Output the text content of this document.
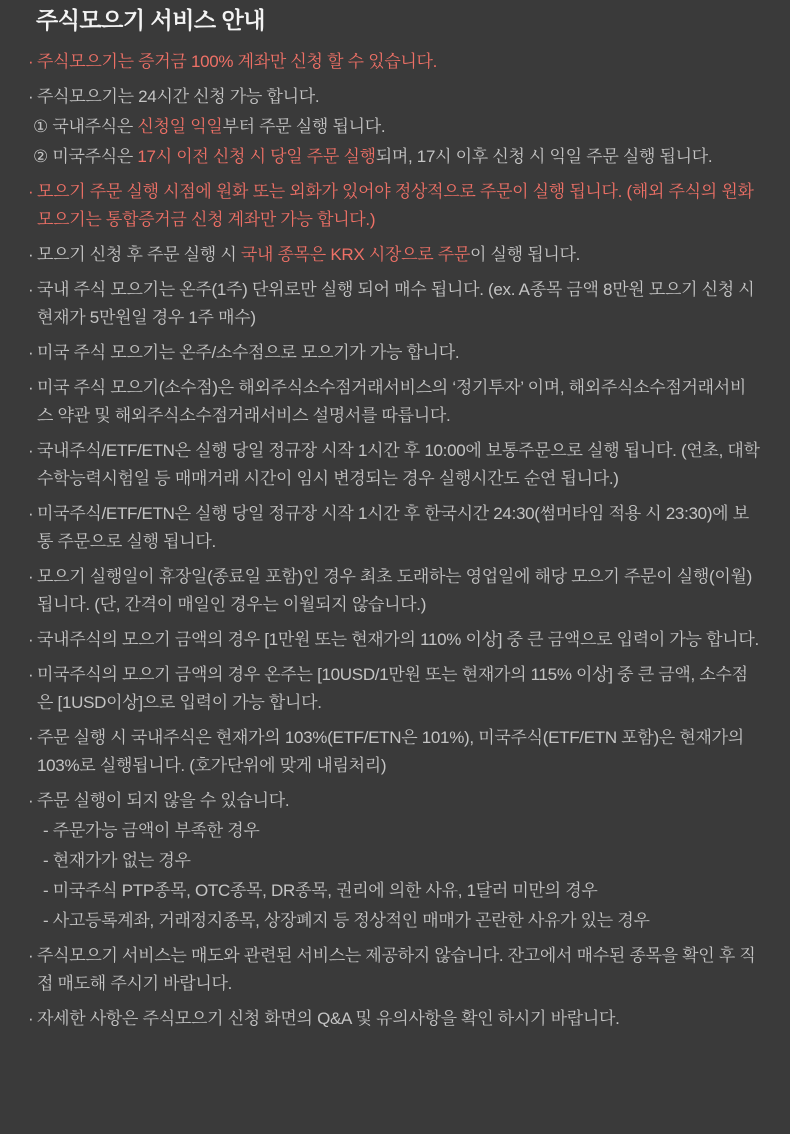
주식모으기 서비스 안내
· 주식모으기는 증거금 100% 계좌만 신청 할 수 있습니다.
· 주식모으기는 24시간 신청 가능 합니다.
① 국내주식은 신청일 익일부터 주문 실행 됩니다.
② 미국주식은 17시 이전 신청 시 당일 주문 실행되며, 17시 이후 신청 시 익일 주문 실행 됩니다.
· 모으기 주문 실행 시점에 원화 또는 외화가 있어야 정상적으로 주문이 실행 됩니다. (해외 주식의 원화 모으기는 통합증거금 신청 계좌만 가능 합니다.)
· 모으기 신청 후 주문 실행 시 국내 종목은 KRX 시장으로 주문이 실행 됩니다.
· 국내 주식 모으기는 온주(1주) 단위로만 실행 되어 매수 됩니다. (ex. A종목 금액 8만원 모으기 신청 시 현재가 5만원일 경우 1주 매수)
· 미국 주식 모으기는 온주/소수점으로 모으기가 가능 합니다.
· 미국 주식 모으기(소수점)은 해외주식소수점거래서비스의 ‘정기투자’ 이며, 해외주식소수점거래서비스 약관 및 해외주식소수점거래서비스 설명서를 따릅니다.
· 국내주식/ETF/ETN은 실행 당일 정규장 시작 1시간 후 10:00에 보통주문으로 실행 됩니다. (연초, 대학수학능력시험일 등 매매거래 시간이 임시 변경되는 경우 실행시간도 순연 됩니다.)
· 미국주식/ETF/ETN은 실행 당일 정규장 시작 1시간 후 한국시간 24:30(썸머타임 적용 시 23:30)에 보통 주문으로 실행 됩니다.
· 모으기 실행일이 휴장일(종료일 포함)인 경우 최초 도래하는 영업일에 해당 모으기 주문이 실행(이월) 됩니다. (단, 간격이 매일인 경우는 이월되지 않습니다.)
· 국내주식의 모으기 금액의 경우 [1만원 또는 현재가의 110% 이상] 중 큰 금액으로 입력이 가능 합니다.
· 미국주식의 모으기 금액의 경우 온주는 [10USD/1만원 또는 현재가의 115% 이상] 중 큰 금액, 소수점은 [1USD이상]으로 입력이 가능 합니다.
· 주문 실행 시 국내주식은 현재가의 103%(ETF/ETN은 101%), 미국주식(ETF/ETN 포함)은 현재가의 103%로 실행됩니다. (호가단위에 맞게 내림처리)
· 주문 실행이 되지 않을 수 있습니다.
- 주문가능 금액이 부족한 경우
- 현재가가 없는 경우
- 미국주식 PTP종목, OTC종목, DR종목, 권리에 의한 사유, 1달러 미만의 경우
- 사고등록계좌, 거래정지종목, 상장폐지 등 정상적인 매매가 곤란한 사유가 있는 경우
· 주식모으기 서비스는 매도와 관련된 서비스는 제공하지 않습니다. 잔고에서 매수된 종목을 확인 후 직접 매도해 주시기 바랍니다.
· 자세한 사항은 주식모으기 신청 화면의 Q&A 및 유의사항을 확인 하시기 바랍니다.
